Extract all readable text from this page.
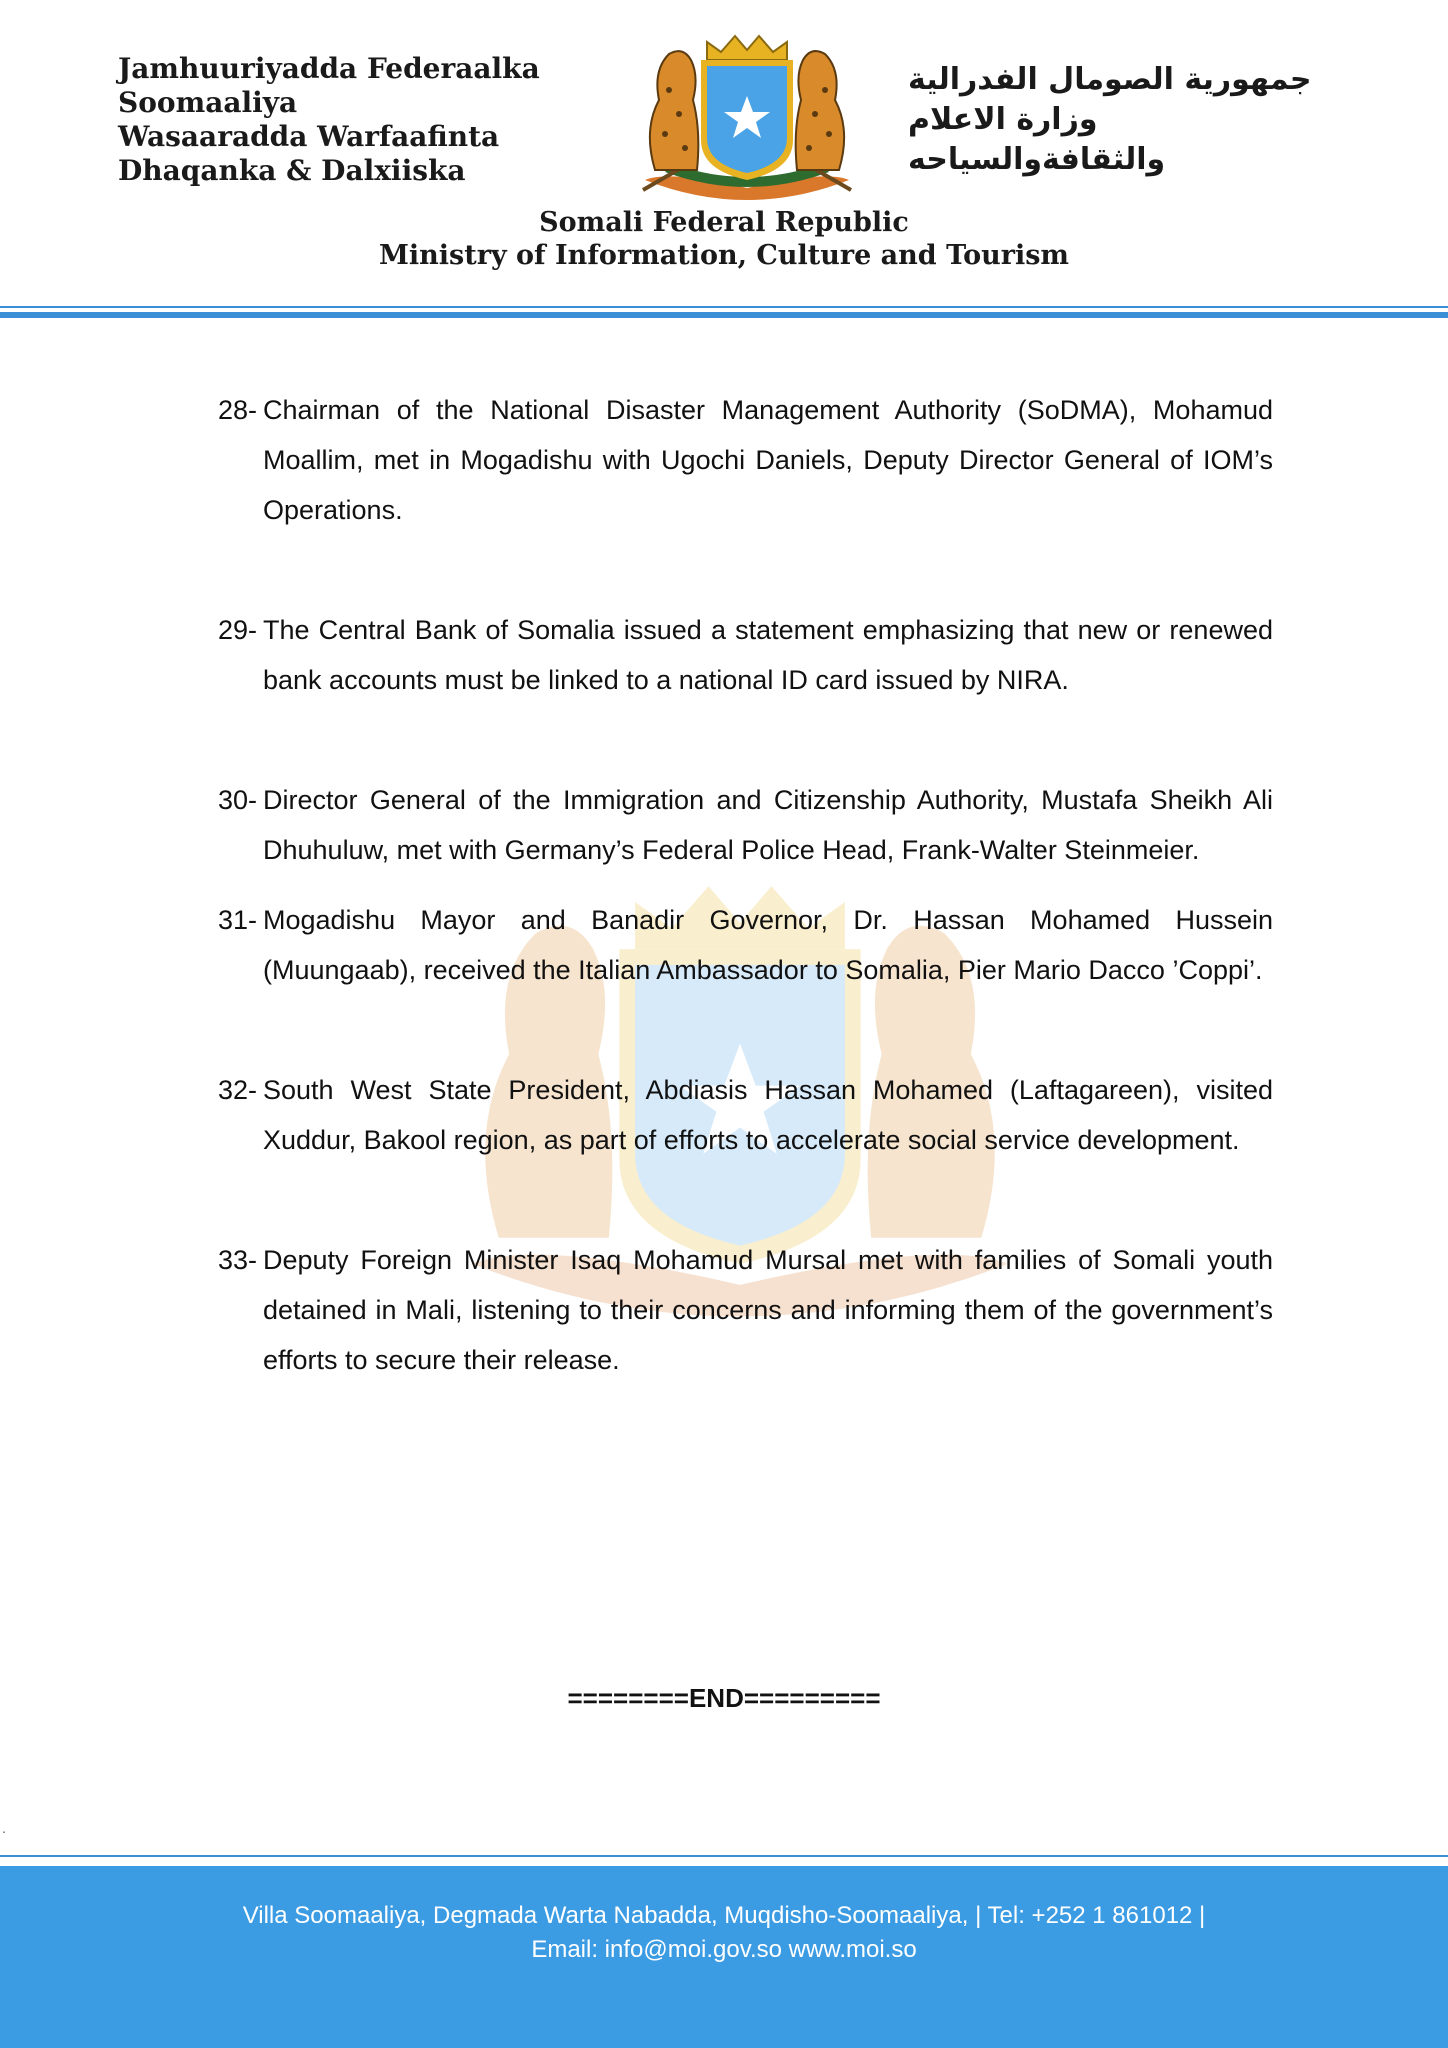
Jamhuuriyadda Federaalka
Soomaaliya
Wasaaradda Warfaafinta
Dhaqanka & Dalxiiska
جمهورية الصومال الفدرالية
وزارة الاعلام
والثقافةوالسياحه
Somali Federal Republic
Ministry of Information, Culture and Tourism
28- Chairman of the National Disaster Management Authority (SoDMA), Mohamud Moallim, met in Mogadishu with Ugochi Daniels, Deputy Director General of IOM’s Operations.
29- The Central Bank of Somalia issued a statement emphasizing that new or renewed bank accounts must be linked to a national ID card issued by NIRA.
30- Director General of the Immigration and Citizenship Authority, Mustafa Sheikh Ali Dhuhuluw, met with Germany’s Federal Police Head, Frank-Walter Steinmeier.
31- Mogadishu Mayor and Banadir Governor, Dr. Hassan Mohamed Hussein (Muungaab), received the Italian Ambassador to Somalia, Pier Mario Dacco ’Coppi’.
32- South West State President, Abdiasis Hassan Mohamed (Laftagareen), visited Xuddur, Bakool region, as part of efforts to accelerate social service development.
33- Deputy Foreign Minister Isaq Mohamud Mursal met with families of Somali youth detained in Mali, listening to their concerns and informing them of the government’s efforts to secure their release.
========END=========
.
Villa Soomaaliya, Degmada Warta Nabadda, Muqdisho-Soomaaliya, | Tel: +252 1 861012 |
Email: info@moi.gov.so www.moi.so
